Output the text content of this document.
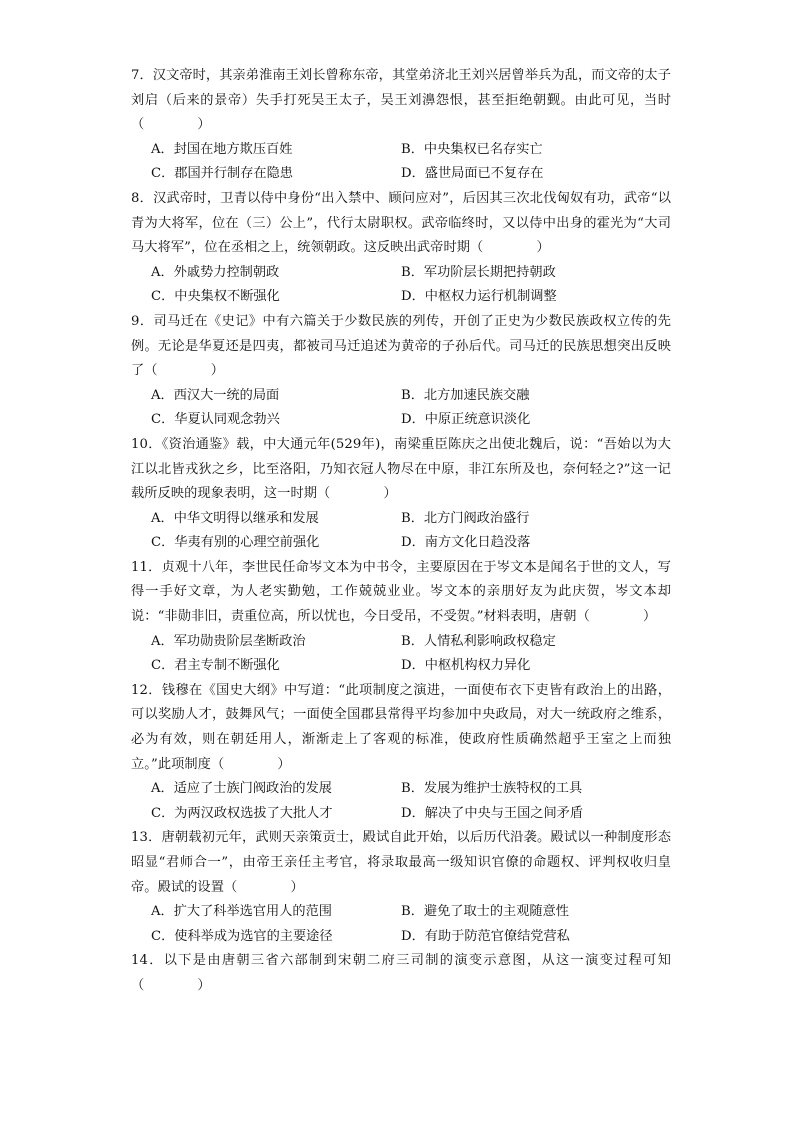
7．汉文帝时，其亲弟淮南王刘长曾称东帝，其堂弟济北王刘兴居曾举兵为乱，而文帝的太子刘启（后来的景帝）失手打死吴王太子，吴王刘濞怨恨，甚至拒绝朝觐。由此可见，当时（　　　　）

A．封国在地方欺压百姓	B．中央集权已名存实亡
C．郡国并行制存在隐患	D．盛世局面已不复存在

8．汉武帝时，卫青以侍中身份“出入禁中、顾问应对”，后因其三次北伐匈奴有功，武帝“以青为大将军，位在（三）公上”，代行太尉职权。武帝临终时，又以侍中出身的霍光为“大司马大将军”，位在丞相之上，统领朝政。这反映出武帝时期（　　　　）

A．外戚势力控制朝政	B．军功阶层长期把持朝政
C．中央集权不断强化	D．中枢权力运行机制调整

9．司马迁在《史记》中有六篇关于少数民族的列传，开创了正史为少数民族政权立传的先例。无论是华夏还是四夷，都被司马迁追述为黄帝的子孙后代。司马迁的民族思想突出反映了（　　　　）

A．西汉大一统的局面	B．北方加速民族交融
C．华夏认同观念勃兴	D．中原正统意识淡化

10．《资治通鉴》载，中大通元年(529年)，南梁重臣陈庆之出使北魏后，说：“吾始以为大江以北皆戎狄之乡，比至洛阳，乃知衣冠人物尽在中原，非江东所及也，奈何轻之?”这一记载所反映的现象表明，这一时期（　　　　）

A．中华文明得以继承和发展	B．北方门阀政治盛行
C．华夷有别的心理空前强化	D．南方文化日趋没落

11．贞观十八年，李世民任命岑文本为中书令，主要原因在于岑文本是闻名于世的文人，写得一手好文章，为人老实勤勉，工作兢兢业业。岑文本的亲朋好友为此庆贺，岑文本却说：“非勋非旧，责重位高，所以忧也，今日受吊，不受贺。”材料表明，唐朝（　　　　）

A．军功勋贵阶层垄断政治	B．人情私利影响政权稳定
C．君主专制不断强化	D．中枢机构权力异化

12．钱穆在《国史大纲》中写道：“此项制度之演进，一面使布衣下吏皆有政治上的出路，可以奖励人才，鼓舞风气；一面使全国郡县常得平均参加中央政局，对大一统政府之维系，必为有效，则在朝廷用人，渐渐走上了客观的标准，使政府性质确然超乎王室之上而独立。”此项制度（　　　　）

A．适应了士族门阀政治的发展	B．发展为维护士族特权的工具
C．为两汉政权选拔了大批人才	D．解决了中央与王国之间矛盾

13．唐朝载初元年，武则天亲策贡士，殿试自此开始，以后历代沿袭。殿试以一种制度形态昭显“君师合一”，由帝王亲任主考官，将录取最高一级知识官僚的命题权、评判权收归皇帝。殿试的设置（　　　　）

A．扩大了科举选官用人的范围	B．避免了取士的主观随意性
C．使科举成为选官的主要途径	D．有助于防范官僚结党营私

14．以下是由唐朝三省六部制到宋朝二府三司制的演变示意图，从这一演变过程可知（　　　　）
